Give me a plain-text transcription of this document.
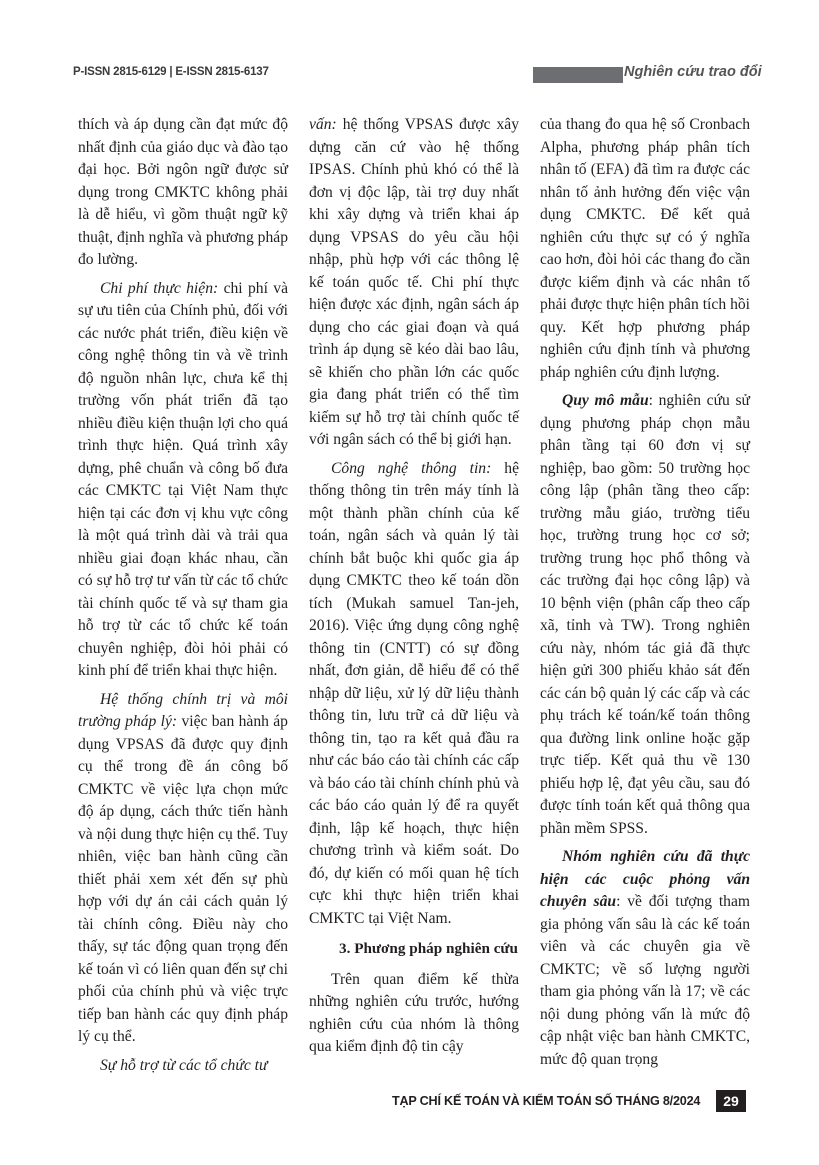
P-ISSN 2815-6129 | E-ISSN 2815-6137	Nghiên cứu trao đổi

thích và áp dụng cần đạt mức độ nhất định của giáo dục và đào tạo đại học. Bởi ngôn ngữ được sử dụng trong CMKTC không phải là dễ hiểu, vì gồm thuật ngữ kỹ thuật, định nghĩa và phương pháp đo lường.

Chi phí thực hiện: chi phí và sự ưu tiên của Chính phủ, đối với các nước phát triển, điều kiện về công nghệ thông tin và về trình độ nguồn nhân lực, chưa kể thị trường vốn phát triển đã tạo nhiều điều kiện thuận lợi cho quá trình thực hiện. Quá trình xây dựng, phê chuẩn và công bố đưa các CMKTC tại Việt Nam thực hiện tại các đơn vị khu vực công là một quá trình dài và trải qua nhiều giai đoạn khác nhau, cần có sự hỗ trợ tư vấn từ các tổ chức tài chính quốc tế và sự tham gia hỗ trợ từ các tổ chức kế toán chuyên nghiệp, đòi hỏi phải có kinh phí để triển khai thực hiện.

Hệ thống chính trị và môi trường pháp lý: việc ban hành áp dụng VPSAS đã được quy định cụ thể trong đề án công bố CMKTC về việc lựa chọn mức độ áp dụng, cách thức tiến hành và nội dung thực hiện cụ thể. Tuy nhiên, việc ban hành cũng cần thiết phải xem xét đến sự phù hợp với dự án cải cách quản lý tài chính công. Điều này cho thấy, sự tác động quan trọng đến kế toán vì có liên quan đến sự chi phối của chính phủ và việc trực tiếp ban hành các quy định pháp lý cụ thể.

Sự hỗ trợ từ các tổ chức tư

vấn: hệ thống VPSAS được xây dựng căn cứ vào hệ thống IPSAS. Chính phủ khó có thể là đơn vị độc lập, tài trợ duy nhất khi xây dựng và triển khai áp dụng VPSAS do yêu cầu hội nhập, phù hợp với các thông lệ kế toán quốc tế. Chi phí thực hiện được xác định, ngân sách áp dụng cho các giai đoạn và quá trình áp dụng sẽ kéo dài bao lâu, sẽ khiến cho phần lớn các quốc gia đang phát triển có thể tìm kiếm sự hỗ trợ tài chính quốc tế với ngân sách có thể bị giới hạn.

Công nghệ thông tin: hệ thống thông tin trên máy tính là một thành phần chính của kế toán, ngân sách và quản lý tài chính bắt buộc khi quốc gia áp dụng CMKTC theo kế toán dồn tích (Mukah samuel Tan-jeh, 2016). Việc ứng dụng công nghệ thông tin (CNTT) có sự đồng nhất, đơn giản, dễ hiểu để có thể nhập dữ liệu, xử lý dữ liệu thành thông tin, lưu trữ cả dữ liệu và thông tin, tạo ra kết quả đầu ra như các báo cáo tài chính các cấp và báo cáo tài chính chính phủ và các báo cáo quản lý để ra quyết định, lập kế hoạch, thực hiện chương trình và kiểm soát. Do đó, dự kiến có mối quan hệ tích cực khi thực hiện triển khai CMKTC tại Việt Nam.

3. Phương pháp nghiên cứu

Trên quan điểm kế thừa những nghiên cứu trước, hướng nghiên cứu của nhóm là thông qua kiểm định độ tin cậy

của thang đo qua hệ số Cronbach Alpha, phương pháp phân tích nhân tố (EFA) đã tìm ra được các nhân tố ảnh hưởng đến việc vận dụng CMKTC. Để kết quả nghiên cứu thực sự có ý nghĩa cao hơn, đòi hỏi các thang đo cần được kiểm định và các nhân tố phải được thực hiện phân tích hồi quy. Kết hợp phương pháp nghiên cứu định tính và phương pháp nghiên cứu định lượng.

Quy mô mẫu: nghiên cứu sử dụng phương pháp chọn mẫu phân tầng tại 60 đơn vị sự nghiệp, bao gồm: 50 trường học công lập (phân tầng theo cấp: trường mẫu giáo, trường tiểu học, trường trung học cơ sở; trường trung học phổ thông và các trường đại học công lập) và 10 bệnh viện (phân cấp theo cấp xã, tỉnh và TW). Trong nghiên cứu này, nhóm tác giả đã thực hiện gửi 300 phiếu khảo sát đến các cán bộ quản lý các cấp và các phụ trách kế toán/kế toán thông qua đường link online hoặc gặp trực tiếp. Kết quả thu về 130 phiếu hợp lệ, đạt yêu cầu, sau đó được tính toán kết quả thông qua phần mềm SPSS.

Nhóm nghiên cứu đã thực hiện các cuộc phỏng vấn chuyên sâu: về đối tượng tham gia phỏng vấn sâu là các kế toán viên và các chuyên gia về CMKTC; về số lượng người tham gia phỏng vấn là 17; về các nội dung phỏng vấn là mức độ cập nhật việc ban hành CMKTC, mức độ quan trọng

TẠP CHÍ KẾ TOÁN VÀ KIỂM TOÁN SỐ THÁNG 8/2024	29
